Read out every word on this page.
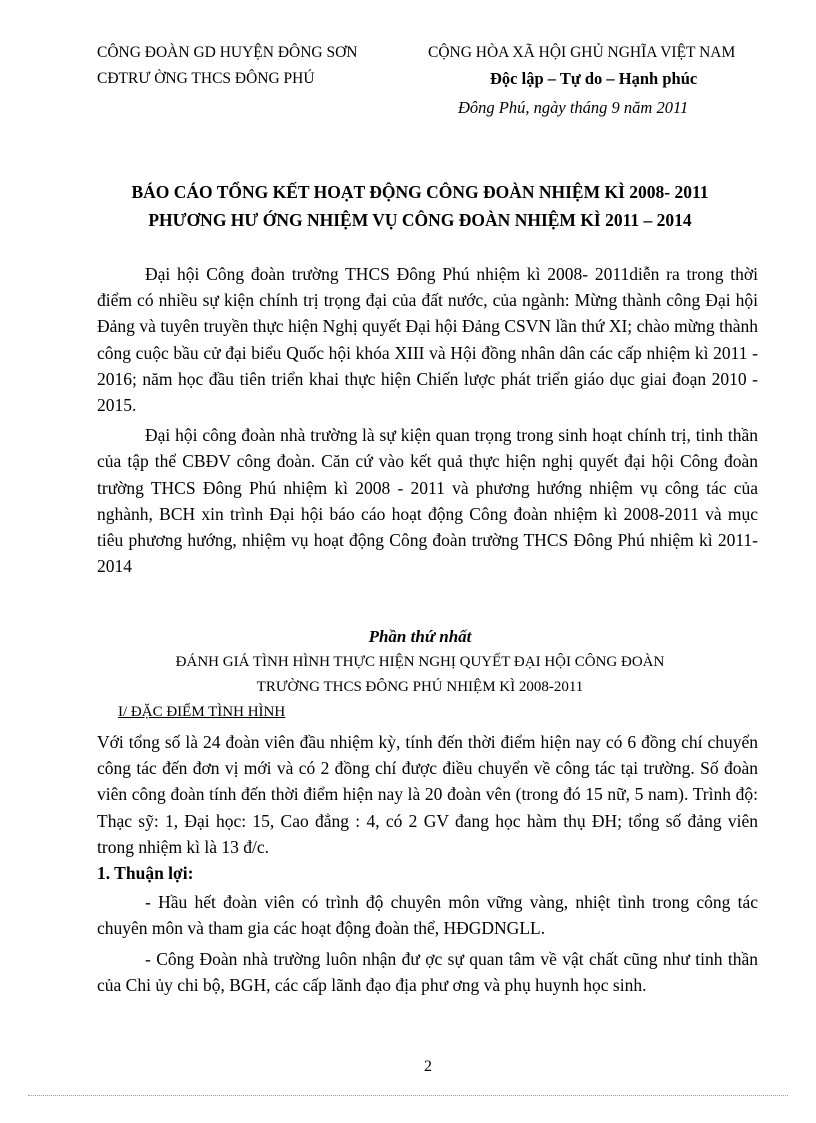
CÔNG ĐOÀN GD HUYỆN ĐÔNG SƠN
CĐTRƯ ỜNG THCS ĐÔNG PHÚ
CỘNG HÒA XÃ HỘI GHỦ NGHĨA VIỆT NAM
Độc lập – Tự do – Hạnh phúc
Đông Phú, ngày tháng 9 năm 2011
BÁO CÁO TỔNG KẾT HOẠT ĐỘNG CÔNG ĐOÀN NHIỆM KÌ 2008- 2011
PHƯƠNG HƯ ỚNG NHIỆM VỤ CÔNG ĐOÀN NHIỆM KÌ 2011 – 2014

Đại hội Công đoàn trường THCS Đông Phú nhiệm kì 2008- 2011diễn ra trong thời điểm có nhiều sự kiện chính trị trọng đại của đất nước, của ngành: Mừng thành công Đại hội Đảng và tuyên truyền thực hiện Nghị quyết Đại hội Đảng CSVN lần thứ XI; chào mừng thành công cuộc bầu cử đại biểu Quốc hội khóa XIII và Hội đồng nhân dân các cấp nhiệm kì 2011 - 2016; năm học đầu tiên triển khai thực hiện Chiến lược phát triển giáo dục giai đoạn 2010 - 2015.

Đại hội công đoàn nhà trường là sự kiện quan trọng trong sinh hoạt chính trị, tinh thần của tập thể CBĐV công đoàn. Căn cứ vào kết quả thực hiện nghị quyết đại hội Công đoàn trường THCS Đông Phú nhiệm kì 2008 - 2011 và phương hướng nhiệm vụ công tác của nghành, BCH xin trình Đại hội báo cáo hoạt động Công đoàn nhiệm kì 2008-2011 và mục tiêu phương hướng, nhiệm vụ hoạt động Công đoàn trường THCS Đông Phú nhiệm kì 2011-2014

Phần thứ nhất
ĐÁNH GIÁ TÌNH HÌNH THỰC HIỆN NGHỊ QUYẾT ĐẠI HỘI CÔNG ĐOÀN
TRƯỜNG THCS ĐÔNG PHÚ NHIỆM KÌ 2008-2011
I/ ĐẶC ĐIỂM TÌNH HÌNH

Với tổng số là 24 đoàn viên đầu nhiệm kỳ, tính đến thời điểm hiện nay có 6 đồng chí chuyển công tác đến đơn vị mới và có 2 đồng chí được điều chuyển về công tác tại trường. Số đoàn viên công đoàn tính đến thời điểm hiện nay là 20 đoàn vên (trong đó 15 nữ, 5 nam). Trình độ: Thạc sỹ: 1, Đại học: 15, Cao đẳng : 4, có 2 GV đang học hàm thụ ĐH; tổng số đảng viên trong nhiệm kì là 13 đ/c.

1. Thuận lợi:

- Hầu hết đoàn viên có trình độ chuyên môn vững vàng, nhiệt tình trong công tác chuyên môn và tham gia các hoạt động đoàn thể, HĐGDNGLL.

- Công Đoàn nhà trường luôn nhận đư ợc sự quan tâm về vật chất cũng như tinh thần của Chi ủy chi bộ, BGH, các cấp lãnh đạo địa phư ơng và phụ huynh học sinh.

2
